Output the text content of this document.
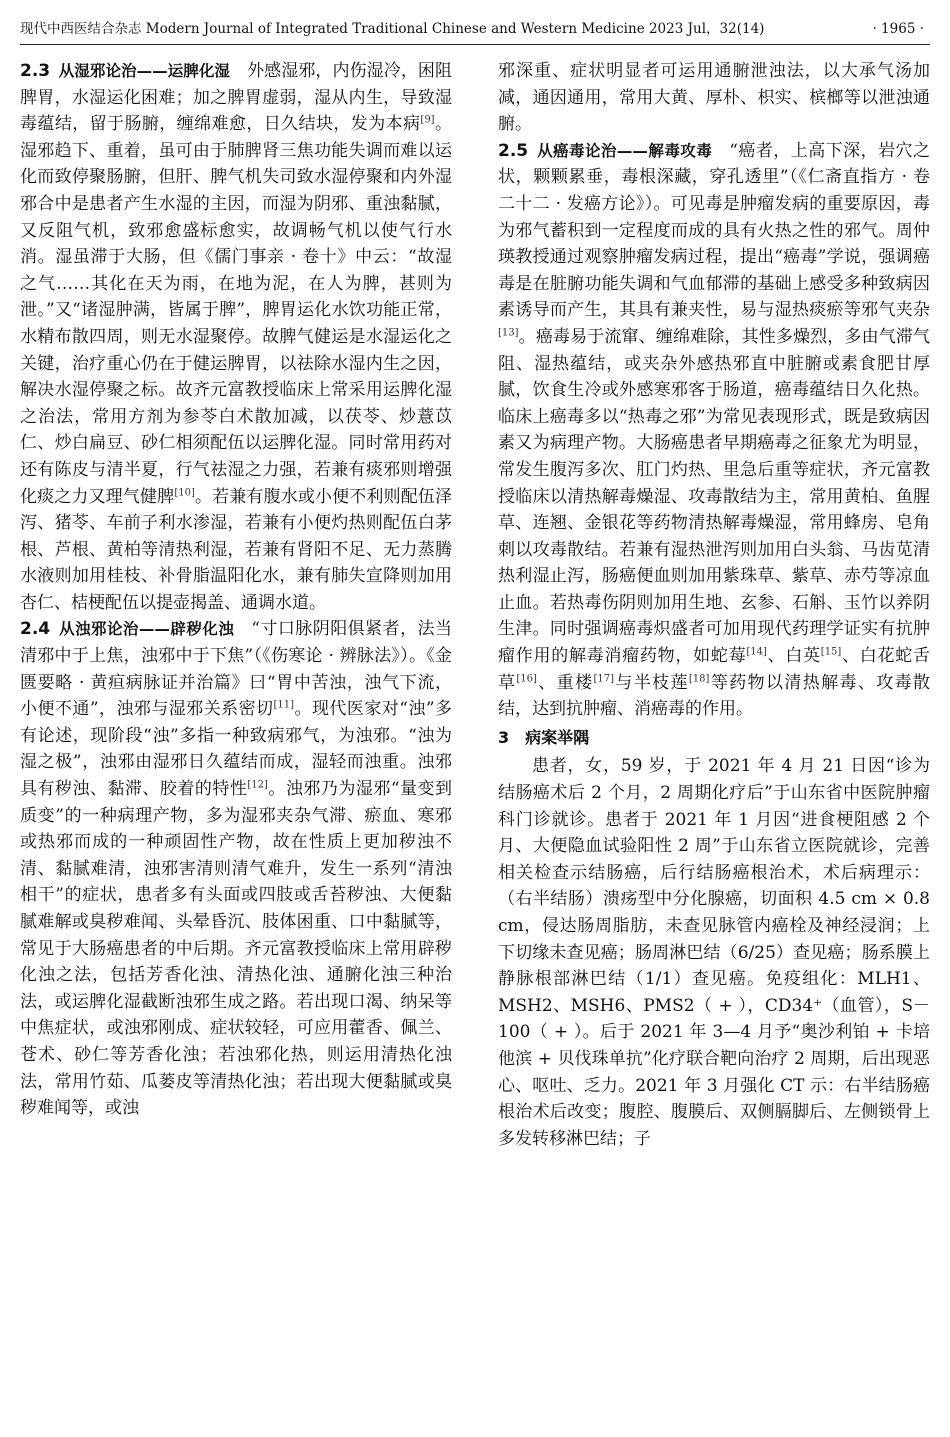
现代中西医结合杂志 Modern Journal of Integrated Traditional Chinese and Western Medicine 2023 Jul，32(14)	· 1965 ·

2.3  从湿邪论治——运脾化湿  外感湿邪，内伤湿冷，困阻脾胃，水湿运化困难；加之脾胃虚弱，湿从内生，导致湿毒蕴结，留于肠腑，缠绵难愈，日久结块，发为本病[9]。湿邪趋下、重着，虽可由于肺脾肾三焦功能失调而难以运化而致停聚肠腑，但肝、脾气机失司致水湿停聚和内外湿邪合中是患者产生水湿的主因，而湿为阴邪、重浊黏腻，又反阻气机，致邪愈盛标愈实，故调畅气机以使气行水消。湿虽滞于大肠，但《儒门事亲 · 卷十》中云：“故湿之气……其化在天为雨，在地为泥，在人为脾，甚则为泄。”又“诸湿肿满，皆属于脾”，脾胃运化水饮功能正常，水精布散四周，则无水湿聚停。故脾气健运是水湿运化之关键，治疗重心仍在于健运脾胃，以祛除水湿内生之因，解决水湿停聚之标。故齐元富教授临床上常采用运脾化湿之治法，常用方剂为参苓白术散加减，以茯苓、炒薏苡仁、炒白扁豆、砂仁相须配伍以运脾化湿。同时常用药对还有陈皮与清半夏，行气祛湿之力强，若兼有痰邪则增强化痰之力又理气健脾[10]。若兼有腹水或小便不利则配伍泽泻、猪苓、车前子利水渗湿，若兼有小便灼热则配伍白茅根、芦根、黄柏等清热利湿，若兼有肾阳不足、无力蒸腾水液则加用桂枝、补骨脂温阳化水，兼有肺失宣降则加用杏仁、桔梗配伍以提壶揭盖、通调水道。

2.4  从浊邪论治——辟秽化浊  “寸口脉阴阳俱紧者，法当清邪中于上焦，浊邪中于下焦”（《伤寒论 · 辨脉法》）。《金匮要略 · 黄疸病脉证并治篇》曰“胃中苦浊，浊气下流，小便不通”，浊邪与湿邪关系密切[11]。现代医家对“浊”多有论述，现阶段“浊”多指一种致病邪气，为浊邪。“浊为湿之极”，浊邪由湿邪日久蕴结而成，湿轻而浊重。浊邪具有秽浊、黏滞、胶着的特性[12]。浊邪乃为湿邪“量变到质变”的一种病理产物，多为湿邪夹杂气滞、瘀血、寒邪或热邪而成的一种顽固性产物，故在性质上更加秽浊不清、黏腻难清，浊邪害清则清气难升，发生一系列“清浊相干”的症状，患者多有头面或四肢或舌苔秽浊、大便黏腻难解或臭秽难闻、头晕昏沉、肢体困重、口中黏腻等，常见于大肠癌患者的中后期。齐元富教授临床上常用辟秽化浊之法，包括芳香化浊、清热化浊、通腑化浊三种治法，或运脾化湿截断浊邪生成之路。若出现口渴、纳呆等中焦症状，或浊邪刚成、症状较轻，可应用藿香、佩兰、苍术、砂仁等芳香化浊；若浊邪化热，则运用清热化浊法，常用竹茹、瓜蒌皮等清热化浊；若出现大便黏腻或臭秽难闻等，或浊

邪深重、症状明显者可运用通腑泄浊法，以大承气汤加减，通因通用，常用大黄、厚朴、枳实、槟榔等以泄浊通腑。

2.5  从癌毒论治——解毒攻毒  “癌者，上高下深，岩穴之状，颗颗累垂，毒根深藏，穿孔透里”（《仁斋直指方 · 卷二十二 · 发癌方论》）。可见毒是肿瘤发病的重要原因，毒为邪气蓄积到一定程度而成的具有火热之性的邪气。周仲瑛教授通过观察肿瘤发病过程，提出“癌毒”学说，强调癌毒是在脏腑功能失调和气血郁滞的基础上感受多种致病因素诱导而产生，其具有兼夹性，易与湿热痰瘀等邪气夹杂[13]。癌毒易于流窜、缠绵难除，其性多燥烈，多由气滞气阻、湿热蕴结，或夹杂外感热邪直中脏腑或素食肥甘厚腻，饮食生冷或外感寒邪客于肠道，癌毒蕴结日久化热。临床上癌毒多以“热毒之邪”为常见表现形式，既是致病因素又为病理产物。大肠癌患者早期癌毒之征象尤为明显，常发生腹泻多次、肛门灼热、里急后重等症状，齐元富教授临床以清热解毒燥湿、攻毒散结为主，常用黄柏、鱼腥草、连翘、金银花等药物清热解毒燥湿，常用蜂房、皂角刺以攻毒散结。若兼有湿热泄泻则加用白头翁、马齿苋清热利湿止泻，肠癌便血则加用紫珠草、紫草、赤芍等凉血止血。若热毒伤阴则加用生地、玄参、石斛、玉竹以养阴生津。同时强调癌毒炽盛者可加用现代药理学证实有抗肿瘤作用的解毒消瘤药物，如蛇莓[14]、白英[15]、白花蛇舌草[16]、重楼[17]与半枝莲[18]等药物以清热解毒、攻毒散结，达到抗肿瘤、消癌毒的作用。

3　病案举隅

患者，女，59 岁，于 2021 年 4 月 21 日因“诊为结肠癌术后 2 个月，2 周期化疗后”于山东省中医院肿瘤科门诊就诊。患者于 2021 年 1 月因“进食梗阻感 2 个月、大便隐血试验阳性 2 周”于山东省立医院就诊，完善相关检查示结肠癌，后行结肠癌根治术，术后病理示：（右半结肠）溃疡型中分化腺癌，切面积 4.5 cm × 0.8 cm，侵达肠周脂肪，未查见脉管内癌栓及神经浸润；上下切缘未查见癌；肠周淋巴结（6/25）查见癌；肠系膜上静脉根部淋巴结（1/1）查见癌。免疫组化：MLH1、MSH2、MSH6、PMS2（ + ），CD34⁺（血管），S－100（ + ）。后于 2021 年 3—4 月予“奥沙利铂 + 卡培他滨 + 贝伐珠单抗”化疗联合靶向治疗 2 周期，后出现恶心、呕吐、乏力。2021 年 3 月强化 CT 示：右半结肠癌根治术后改变；腹腔、腹膜后、双侧膈脚后、左侧锁骨上多发转移淋巴结；子
